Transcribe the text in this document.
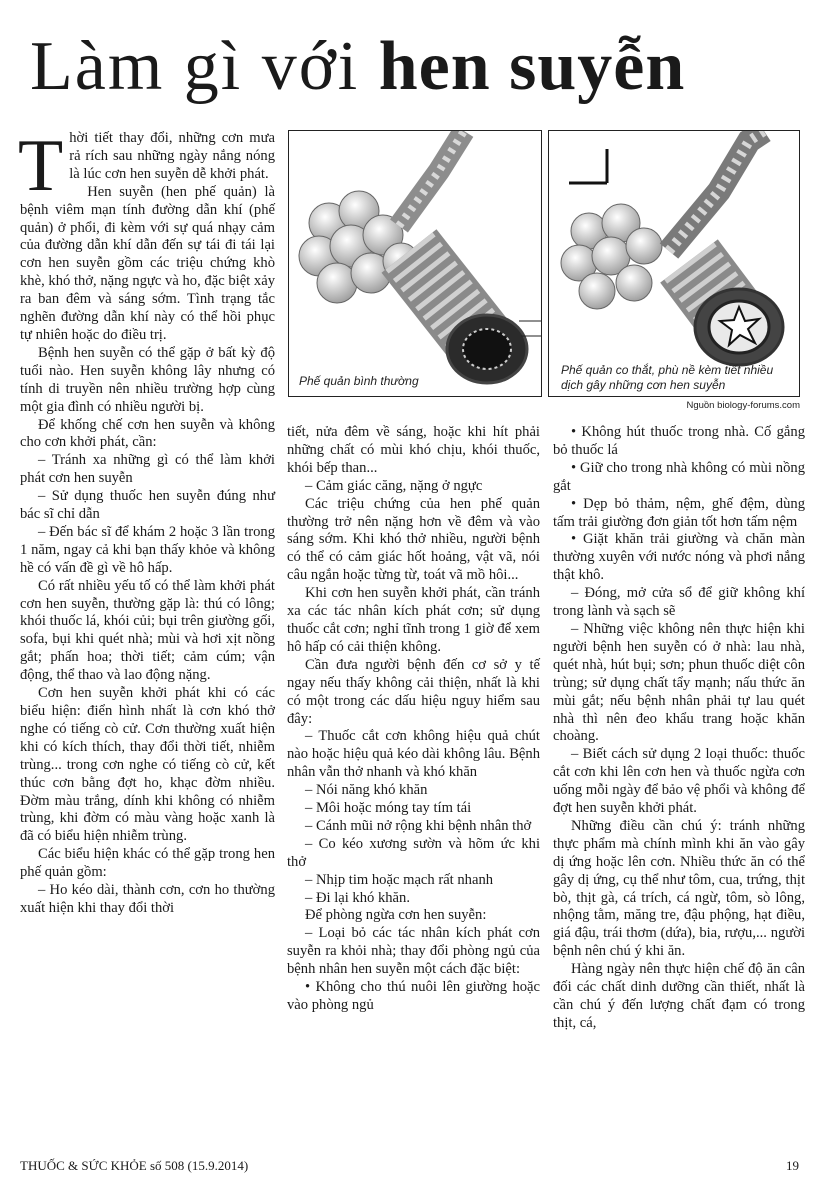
Làm gì với hen suyễn

T hời tiết thay đổi, những cơn mưa rả rích sau những ngày nắng nóng là lúc cơn hen suyễn dễ khởi phát.

Hen suyễn (hen phế quản) là bệnh viêm mạn tính đường dẫn khí (phế quản) ở phổi, đi kèm với sự quá nhạy cảm của đường dẫn khí dẫn đến sự tái đi tái lại cơn hen suyễn gồm các triệu chứng khò khè, khó thở, nặng ngực và ho, đặc biệt xảy ra ban đêm và sáng sớm. Tình trạng tắc nghẽn đường dẫn khí này có thể hồi phục tự nhiên hoặc do điều trị.

Bệnh hen suyễn có thể gặp ở bất kỳ độ tuổi nào. Hen suyễn không lây nhưng có tính di truyền nên nhiều trường hợp cùng một gia đình có nhiều người bị.

Để khống chế cơn hen suyễn và không cho cơn khởi phát, cần:

– Tránh xa những gì có thể làm khởi phát cơn hen suyễn

– Sử dụng thuốc hen suyễn đúng như bác sĩ chỉ dẫn

– Đến bác sĩ để khám 2 hoặc 3 lần trong 1 năm, ngay cả khi bạn thấy khỏe và không hề có vấn đề gì về hô hấp.

Có rất nhiều yếu tố có thể làm khởi phát cơn hen suyễn, thường gặp là: thú có lông; khói thuốc lá, khói củi; bụi trên giường gối, sofa, bụi khi quét nhà; mùi và hơi xịt nồng gắt; phấn hoa; thời tiết; cảm cúm; vận động, thể thao và lao động nặng.

Cơn hen suyễn khởi phát khi có các biểu hiện: điển hình nhất là cơn khó thở nghe có tiếng cò cử. Cơn thường xuất hiện khi có kích thích, thay đổi thời tiết, nhiễm trùng... trong cơn nghe có tiếng cò cử, kết thúc cơn bằng đợt ho, khạc đờm nhiều. Đờm màu trắng, dính khi không có nhiễm trùng, khi đờm có màu vàng hoặc xanh là đã có biểu hiện nhiễm trùng.

Các biểu hiện khác có thể gặp trong hen phế quản gồm:

– Ho kéo dài, thành cơn, cơn ho thường xuất hiện khi thay đổi thời

Phế quản bình thường
Phế quản co thắt, phù nề kèm tiết nhiều dịch gây những cơn hen suyễn
Nguồn biology-forums.com

tiết, nửa đêm về sáng, hoặc khi hít phải những chất có mùi khó chịu, khói thuốc, khói bếp than...

– Cảm giác căng, nặng ở ngực

Các triệu chứng của hen phế quản thường trở nên nặng hơn về đêm và vào sáng sớm. Khi khó thở nhiều, người bệnh có thể có cảm giác hốt hoảng, vật vã, nói câu ngắn hoặc từng từ, toát vã mồ hôi...

Khi cơn hen suyễn khởi phát, cần tránh xa các tác nhân kích phát cơn; sử dụng thuốc cắt cơn; nghỉ tĩnh trong 1 giờ để xem hô hấp có cải thiện không.

Cần đưa người bệnh đến cơ sở y tế ngay nếu thấy không cải thiện, nhất là khi có một trong các dấu hiệu nguy hiểm sau đây:

– Thuốc cắt cơn không hiệu quả chút nào hoặc hiệu quả kéo dài không lâu. Bệnh nhân vẫn thở nhanh và khó khăn

– Nói năng khó khăn

– Môi hoặc móng tay tím tái

– Cánh mũi nở rộng khi bệnh nhân thở

– Co kéo xương sườn và hõm ức khi thở

– Nhịp tim hoặc mạch rất nhanh

– Đi lại khó khăn.

Để phòng ngừa cơn hen suyễn:

– Loại bỏ các tác nhân kích phát cơn suyễn ra khỏi nhà; thay đổi phòng ngủ của bệnh nhân hen suyễn một cách đặc biệt:

• Không cho thú nuôi lên giường hoặc vào phòng ngủ

• Không hút thuốc trong nhà. Cố gắng bỏ thuốc lá

• Giữ cho trong nhà không có mùi nồng gắt

• Dẹp bỏ thảm, nệm, ghế đệm, dùng tấm trải giường đơn giản tốt hơn tấm nệm

• Giặt khăn trải giường và chăn màn thường xuyên với nước nóng và phơi nắng thật khô.

– Đóng, mở cửa sổ để giữ không khí trong lành và sạch sẽ

– Những việc không nên thực hiện khi người bệnh hen suyễn có ở nhà: lau nhà, quét nhà, hút bụi; sơn; phun thuốc diệt côn trùng; sử dụng chất tẩy mạnh; nấu thức ăn mùi gắt; nếu bệnh nhân phải tự lau quét nhà thì nên đeo khẩu trang hoặc khăn choàng.

– Biết cách sử dụng 2 loại thuốc: thuốc cắt cơn khi lên cơn hen và thuốc ngừa cơn uống mỗi ngày để bảo vệ phổi và không để đợt hen suyễn khởi phát.

Những điều cần chú ý: tránh những thực phẩm mà chính mình khi ăn vào gây dị ứng hoặc lên cơn. Nhiều thức ăn có thể gây dị ứng, cụ thể như tôm, cua, trứng, thịt bò, thịt gà, cá trích, cá ngừ, tôm, sò lông, nhộng tằm, măng tre, đậu phộng, hạt điều, giá đậu, trái thơm (dứa), bia, rượu,... người bệnh nên chú ý khi ăn.

Hàng ngày nên thực hiện chế độ ăn cân đối các chất dinh dưỡng cần thiết, nhất là cần chú ý đến lượng chất đạm có trong thịt, cá,

THUỐC & SỨC KHỎE số 508 (15.9.2014)	19
